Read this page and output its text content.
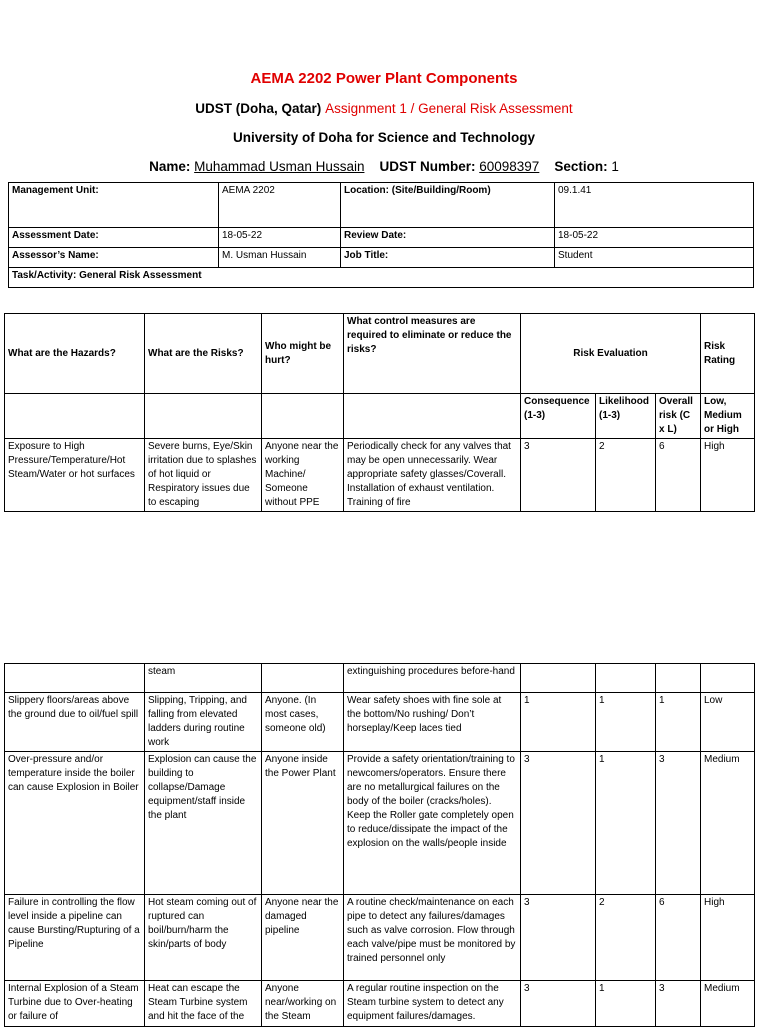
AEMA 2202 Power Plant Components
UDST (Doha, Qatar) Assignment 1 / General Risk Assessment
University of Doha for Science and Technology
Name: Muhammad Usman Hussain UDST Number: 60098397 Section: 1
Management Unit:	AEMA 2202	Location: (Site/Building/Room)	09.1.41
Assessment Date:	18-05-22	Review Date:	18-05-22
Assessor’s Name:	M. Usman Hussain	Job Title:	Student
Task/Activity: General Risk Assessment			
What are the Hazards?	What are the Risks?	Who might be hurt?	What control measures are required to eliminate or reduce the risks?	Risk Evaluation			Risk Rating
				Consequence (1-3)	Likelihood (1-3)	Overall risk (C x L)	Low, Medium or High
Exposure to High Pressure/Temperature/Hot Steam/Water or hot surfaces	Severe burns, Eye/Skin irritation due to splashes of hot liquid or Respiratory issues due to escaping	Anyone near the working Machine/ Someone without PPE	Periodically check for any valves that may be open unnecessarily. Wear appropriate safety glasses/Coverall. Installation of exhaust ventilation. Training of fire	3	2	6	High
	steam		extinguishing procedures before-hand				
Slippery floors/areas above the ground due to oil/fuel spill	Slipping, Tripping, and falling from elevated ladders during routine work	Anyone. (In most cases, someone old)	Wear safety shoes with fine sole at the bottom/No rushing/ Don’t horseplay/Keep laces tied	1	1	1	Low
Over-pressure and/or temperature inside the boiler can cause Explosion in Boiler	Explosion can cause the building to collapse/Damage equipment/staff inside the plant	Anyone inside the Power Plant	Provide a safety orientation/training to newcomers/operators. Ensure there are no metallurgical failures on the body of the boiler (cracks/holes). Keep the Roller gate completely open to reduce/dissipate the impact of the explosion on the walls/people inside	3	1	3	Medium
Failure in controlling the flow level inside a pipeline can cause Bursting/Rupturing of a Pipeline	Hot steam coming out of ruptured can boil/burn/harm the skin/parts of body	Anyone near the damaged pipeline	A routine check/maintenance on each pipe to detect any failures/damages such as valve corrosion. Flow through each valve/pipe must be monitored by trained personnel only	3	2	6	High
Internal Explosion of a Steam Turbine due to Over-heating or failure of	Heat can escape the Steam Turbine system and hit the face of the	Anyone near/working on the Steam	A regular routine inspection on the Steam turbine system to detect any equipment failures/damages.	3	1	3	Medium
